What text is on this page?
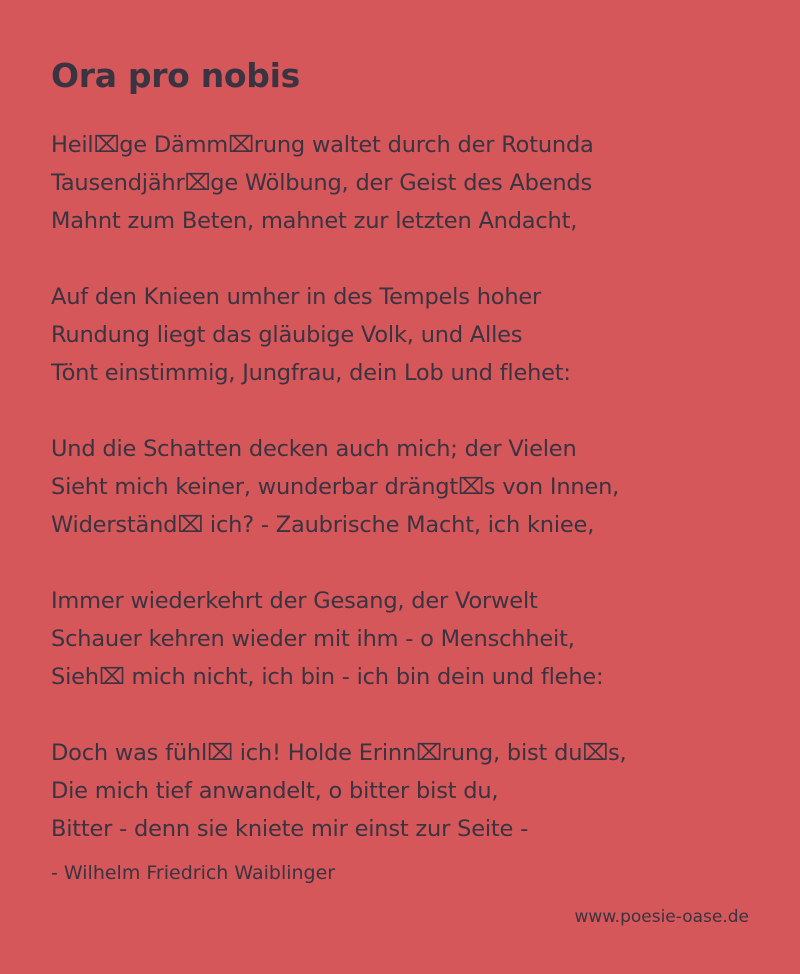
Ora pro nobis
Heil⌧ge Dämm⌧rung waltet durch der Rotunda
Tausendjähr⌧ge Wölbung, der Geist des Abends
Mahnt zum Beten, mahnet zur letzten Andacht,
Auf den Knieen umher in des Tempels hoher
Rundung liegt das gläubige Volk, und Alles
Tönt einstimmig, Jungfrau, dein Lob und flehet:
Und die Schatten decken auch mich; der Vielen
Sieht mich keiner, wunderbar drängt⌧s von Innen,
Widerständ⌧ ich? - Zaubrische Macht, ich kniee,
Immer wiederkehrt der Gesang, der Vorwelt
Schauer kehren wieder mit ihm - o Menschheit,
Sieh⌧ mich nicht, ich bin - ich bin dein und flehe:
Doch was fühl⌧ ich! Holde Erinn⌧rung, bist du⌧s,
Die mich tief anwandelt, o bitter bist du,
Bitter - denn sie kniete mir einst zur Seite -
- Wilhelm Friedrich Waiblinger
www.poesie-oase.de
